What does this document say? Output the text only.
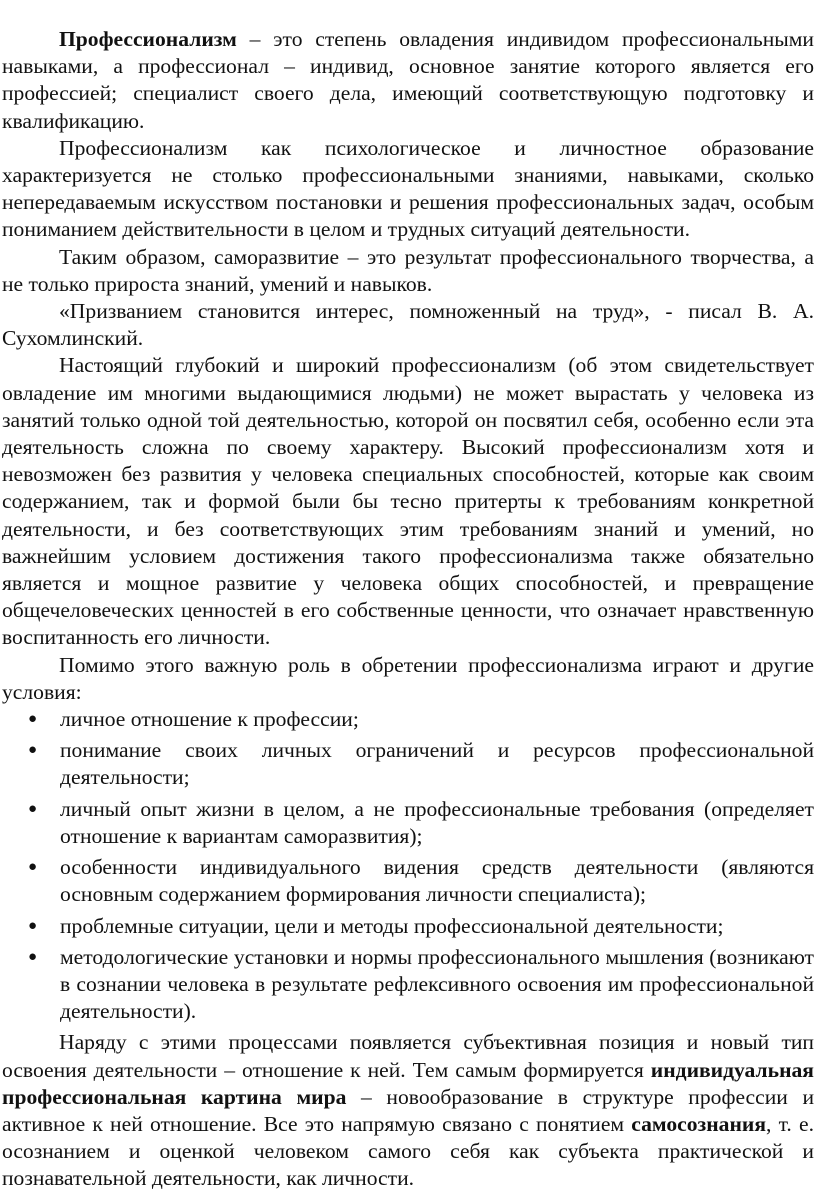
Профессионализм – это степень овладения индивидом профессиональными навыками, а профессионал – индивид, основное занятие которого является его профессией; специалист своего дела, имеющий соответствующую подготовку и квалификацию.

Профессионализм как психологическое и личностное образование характеризуется не столько профессиональными знаниями, навыками, сколько непередаваемым искусством постановки и решения профессиональных задач, особым пониманием действительности в целом и трудных ситуаций деятельности.

Таким образом, саморазвитие – это результат профессионального творчества, а не только прироста знаний, умений и навыков.

«Призванием становится интерес, помноженный на труд», - писал В. А. Сухомлинский.

Настоящий глубокий и широкий профессионализм (об этом свидетельствует овладение им многими выдающимися людьми) не может вырастать у человека из занятий только одной той деятельностью, которой он посвятил себя, особенно если эта деятельность сложна по своему характеру. Высокий профессионализм хотя и невозможен без развития у человека специальных способностей, которые как своим содержанием, так и формой были бы тесно притерты к требованиям конкретной деятельности, и без соответствующих этим требованиям знаний и умений, но важнейшим условием достижения такого профессионализма также обязательно является и мощное развитие у человека общих способностей, и превращение общечеловеческих ценностей в его собственные ценности, что означает нравственную воспитанность его личности.

Помимо этого важную роль в обретении профессионализма играют и другие условия:

● личное отношение к профессии;
● понимание своих личных ограничений и ресурсов профессиональной деятельности;
● личный опыт жизни в целом, а не профессиональные требования (определяет отношение к вариантам саморазвития);
● особенности индивидуального видения средств деятельности (являются основным содержанием формирования личности специалиста);
● проблемные ситуации, цели и методы профессиональной деятельности;
● методологические установки и нормы профессионального мышления (возникают в сознании человека в результате рефлексивного освоения им профессиональной деятельности).

Наряду с этими процессами появляется субъективная позиция и новый тип освоения деятельности – отношение к ней. Тем самым формируется индивидуальная профессиональная картина мира – новообразование в структуре профессии и активное к ней отношение. Все это напрямую связано с понятием самосознания, т. е. осознанием и оценкой человеком самого себя как субъекта практической и познавательной деятельности, как личности.
